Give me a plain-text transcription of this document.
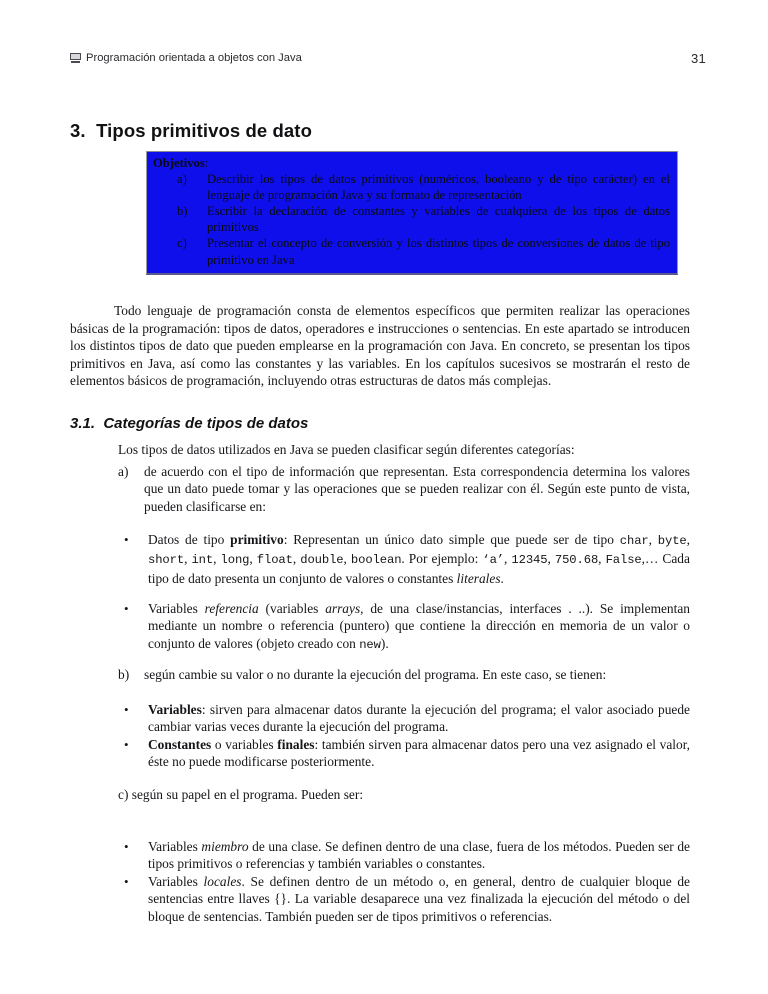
Programación orientada a objetos con Java	31
3.  Tipos primitivos de dato
Objetivos:
a)	Describir los tipos de datos primitivos (numéricos, booleano y de tipo carácter) en el lenguaje de programación Java y su formato de representación
b)	Escribir la declaración de constantes y variables de cualquiera de los tipos de datos primitivos
c)	Presentar el concepto de conversión y los distintos tipos de conversiones de datos de tipo primitivo en Java

Todo lenguaje de programación consta de elementos específicos que permiten realizar las operaciones básicas de la programación: tipos de datos, operadores e instrucciones o sentencias. En este apartado se introducen los distintos tipos de dato que pueden emplearse en la programación con Java. En concreto, se presentan los tipos primitivos en Java, así como las constantes y las variables. En los capítulos sucesivos se mostrarán el resto de elementos básicos de programación, incluyendo otras estructuras de datos más complejas.

3.1.  Categorías de tipos de datos

Los tipos de datos utilizados en Java se pueden clasificar según diferentes categorías:

a)	de acuerdo con el tipo de información que representan. Esta correspondencia determina los valores que un dato puede tomar y las operaciones que se pueden realizar con él. Según este punto de vista, pueden clasificarse en:
•	Datos de tipo primitivo: Representan un único dato simple que puede ser de tipo char, byte, short, int, long, float, double, boolean. Por ejemplo: ‘a’, 12345, 750.68, False,… Cada tipo de dato presenta un conjunto de valores o constantes literales.
•	Variables referencia (variables arrays, de una clase/instancias, interfaces . ..). Se implementan mediante un nombre o referencia (puntero) que contiene la dirección en memoria de un valor o conjunto de valores (objeto creado con new).
b)	según cambie su valor o no durante la ejecución del programa. En este caso, se tienen:
•	Variables: sirven para almacenar datos durante la ejecución del programa; el valor asociado puede cambiar varias veces durante la ejecución del programa.
•	Constantes o variables finales: también sirven para almacenar datos pero una vez asignado el valor, éste no puede modificarse posteriormente.
c) según su papel en el programa. Pueden ser:
•	Variables miembro de una clase. Se definen dentro de una clase, fuera de los métodos. Pueden ser de tipos primitivos o referencias y también variables o constantes.
•	Variables locales. Se definen dentro de un método o, en general, dentro de cualquier bloque de sentencias entre llaves {}. La variable desaparece una vez finalizada la ejecución del método o del bloque de sentencias. También pueden ser de tipos primitivos o referencias.
